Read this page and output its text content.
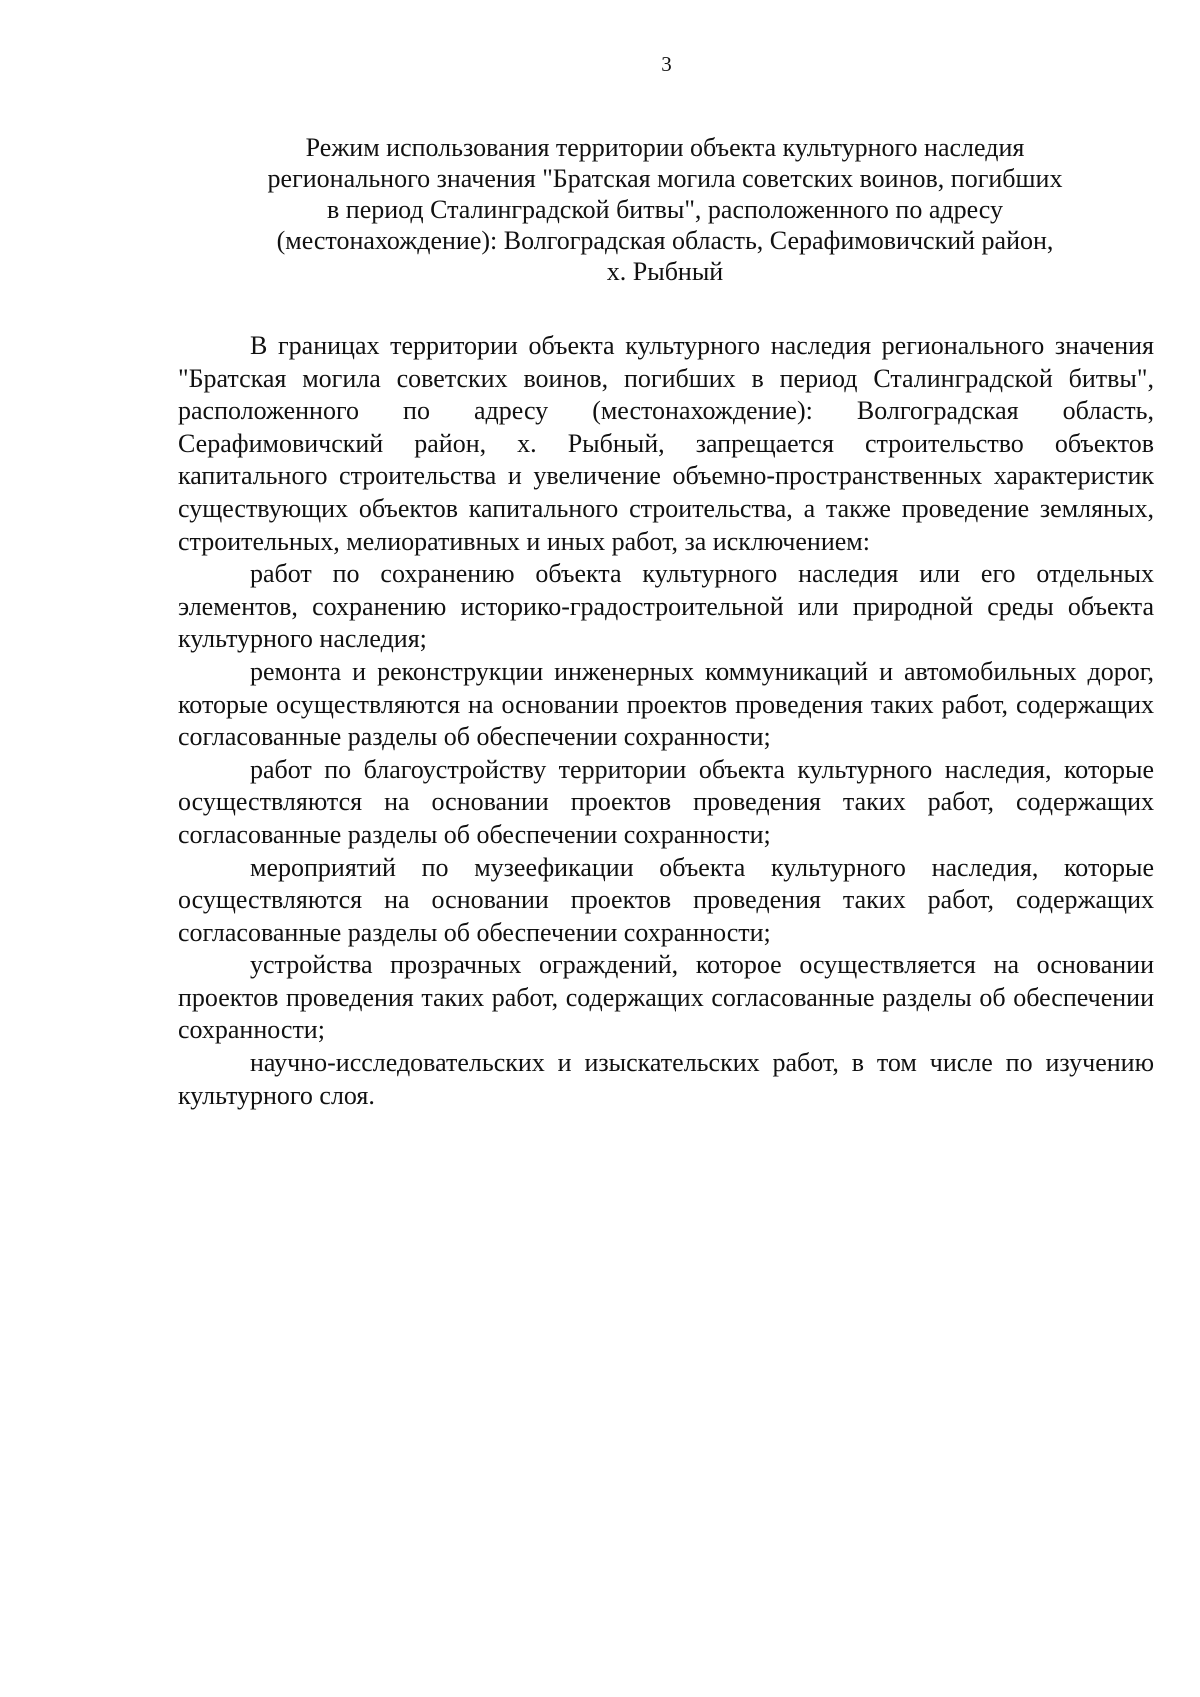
3
Режим использования территории объекта культурного наследия
регионального значения "Братская могила советских воинов, погибших
в период Сталинградской битвы", расположенного по адресу
(местонахождение): Волгоградская область, Серафимовичский район,
х. Рыбный

В границах территории объекта культурного наследия регионального значения "Братская могила советских воинов, погибших в период Сталинградской битвы", расположенного по адресу (местонахождение): Волгоградская область, Серафимовичский район, х. Рыбный, запрещается строительство объектов капитального строительства и увеличение объемно-пространственных характеристик существующих объектов капитального строительства, а также проведение земляных, строительных, мелиоративных и иных работ, за исключением:

работ по сохранению объекта культурного наследия или его отдельных элементов, сохранению историко-градостроительной или природной среды объекта культурного наследия;

ремонта и реконструкции инженерных коммуникаций и автомобильных дорог, которые осуществляются на основании проектов проведения таких работ, содержащих согласованные разделы об обеспечении сохранности;

работ по благоустройству территории объекта культурного наследия, которые осуществляются на основании проектов проведения таких работ, содержащих согласованные разделы об обеспечении сохранности;

мероприятий по музеефикации объекта культурного наследия, которые осуществляются на основании проектов проведения таких работ, содержащих согласованные разделы об обеспечении сохранности;

устройства прозрачных ограждений, которое осуществляется на основании проектов проведения таких работ, содержащих согласованные разделы об обеспечении сохранности;

научно-исследовательских и изыскательских работ, в том числе по изучению культурного слоя.
